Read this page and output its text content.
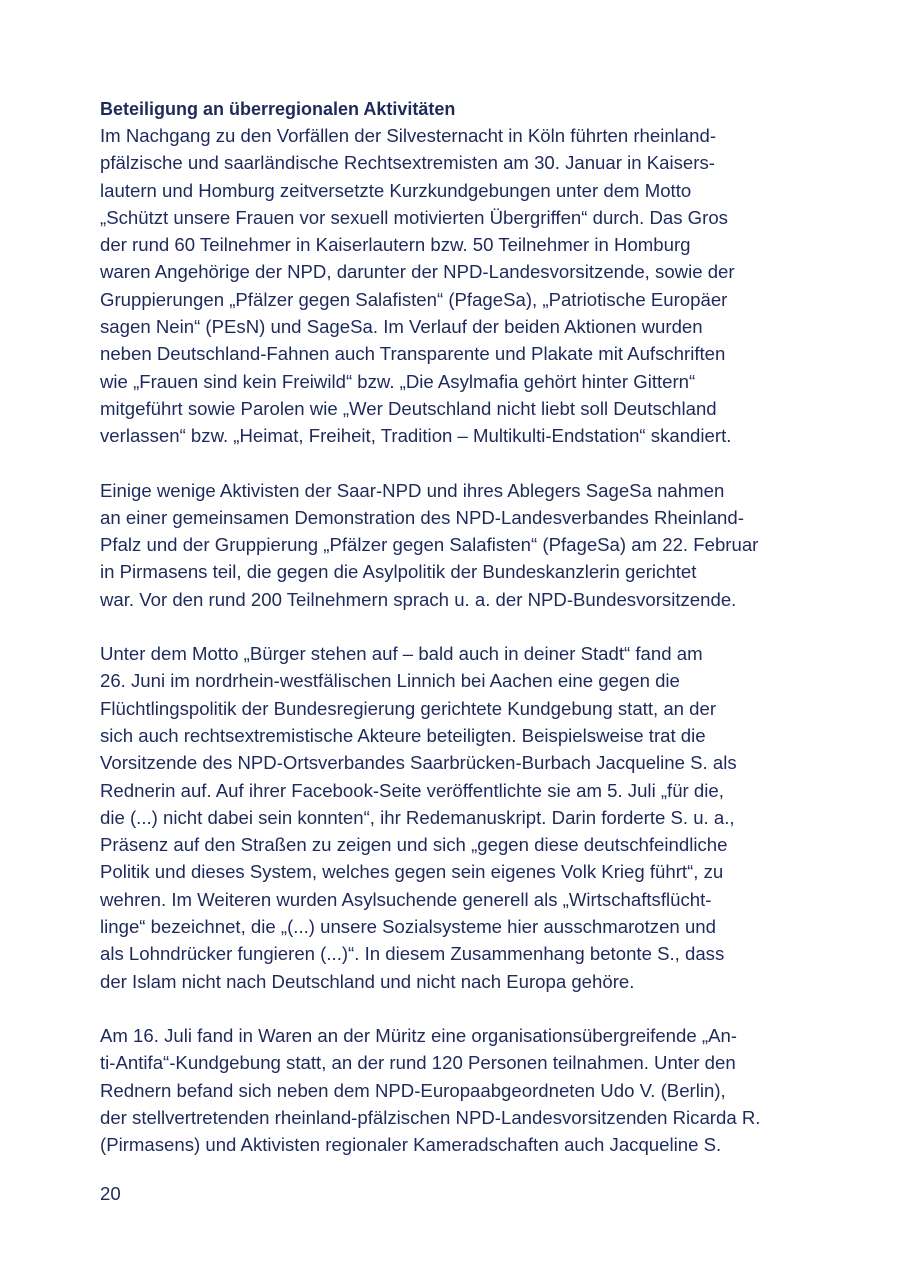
Beteiligung an überregionalen Aktivitäten

Im Nachgang zu den Vorfällen der Silvesternacht in Köln führten rheinland-
pfälzische und saarländische Rechtsextremisten am 30. Januar in Kaisers-
lautern und Homburg zeitversetzte Kurzkundgebungen unter dem Motto
„Schützt unsere Frauen vor sexuell motivierten Übergriffen“ durch. Das Gros
der rund 60 Teilnehmer in Kaiserlautern bzw. 50 Teilnehmer in Homburg
waren Angehörige der NPD, darunter der NPD-Landesvorsitzende, sowie der
Gruppierungen „Pfälzer gegen Salafisten“ (PfageSa), „Patriotische Europäer
sagen Nein“ (PEsN) und SageSa. Im Verlauf der beiden Aktionen wurden
neben Deutschland-Fahnen auch Transparente und Plakate mit Aufschriften
wie „Frauen sind kein Freiwild“ bzw. „Die Asylmafia gehört hinter Gittern“
mitgeführt sowie Parolen wie „Wer Deutschland nicht liebt soll Deutschland
verlassen“ bzw. „Heimat, Freiheit, Tradition – Multikulti-Endstation“ skandiert.

Einige wenige Aktivisten der Saar-NPD und ihres Ablegers SageSa nahmen
an einer gemeinsamen Demonstration des NPD-Landesverbandes Rheinland-
Pfalz und der Gruppierung „Pfälzer gegen Salafisten“ (PfageSa) am 22. Februar
in Pirmasens teil, die gegen die Asylpolitik der Bundeskanzlerin gerichtet
war. Vor den rund 200 Teilnehmern sprach u. a. der NPD-Bundesvorsitzende.

Unter dem Motto „Bürger stehen auf – bald auch in deiner Stadt“ fand am
26. Juni im nordrhein-westfälischen Linnich bei Aachen eine gegen die
Flüchtlingspolitik der Bundesregierung gerichtete Kundgebung statt, an der
sich auch rechtsextremistische Akteure beteiligten. Beispielsweise trat die
Vorsitzende des NPD-Ortsverbandes Saarbrücken-Burbach Jacqueline S. als
Rednerin auf. Auf ihrer Facebook-Seite veröffentlichte sie am 5. Juli „für die,
die (...) nicht dabei sein konnten“, ihr Redemanuskript. Darin forderte S. u. a.,
Präsenz auf den Straßen zu zeigen und sich „gegen diese deutschfeindliche
Politik und dieses System, welches gegen sein eigenes Volk Krieg führt“, zu
wehren. Im Weiteren wurden Asylsuchende generell als „Wirtschaftsflücht-
linge“ bezeichnet, die „(...) unsere Sozialsysteme hier ausschmarotzen und
als Lohndrücker fungieren (...)“. In diesem Zusammenhang betonte S., dass
der Islam nicht nach Deutschland und nicht nach Europa gehöre.

Am 16. Juli fand in Waren an der Müritz eine organisationsübergreifende „An-
ti-Antifa“-Kundgebung statt, an der rund 120 Personen teilnahmen. Unter den
Rednern befand sich neben dem NPD-Europaabgeordneten Udo V. (Berlin),
der stellvertretenden rheinland-pfälzischen NPD-Landesvorsitzenden Ricarda R.
(Pirmasens) und Aktivisten regionaler Kameradschaften auch Jacqueline S.

20
